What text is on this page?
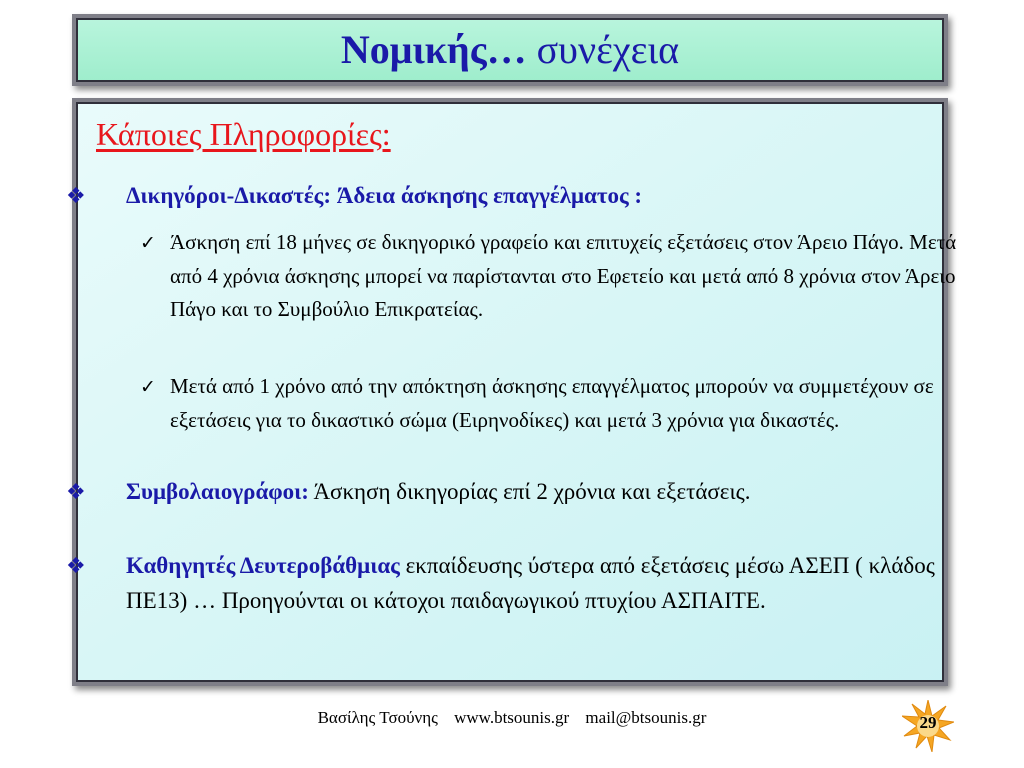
Νομικής… συνέχεια
Κάποιες Πληροφορίες:
❖ Δικηγόροι-Δικαστές: Άδεια άσκησης επαγγέλματος :
✓ Άσκηση επί 18 μήνες σε δικηγορικό γραφείο και επιτυχείς εξετάσεις στον Άρειο Πάγο. Μετά από 4 χρόνια άσκησης μπορεί να παρίστανται στο Εφετείο και μετά από 8 χρόνια στον Άρειο Πάγο και το Συμβούλιο Επικρατείας.
✓ Μετά από 1 χρόνο από την απόκτηση άσκησης επαγγέλματος μπορούν να συμμετέχουν σε εξετάσεις για το δικαστικό σώμα (Ειρηνοδίκες) και μετά 3 χρόνια για δικαστές.
❖ Συμβολαιογράφοι: Άσκηση δικηγορίας επί 2 χρόνια και εξετάσεις.
❖ Καθηγητές Δευτεροβάθμιας εκπαίδευσης ύστερα από εξετάσεις μέσω ΑΣΕΠ ( κλάδος ΠΕ13) … Προηγούνται οι κάτοχοι παιδαγωγικού πτυχίου ΑΣΠΑΙΤΕ.
Βασίλης Τσούνης www.btsounis.gr mail@btsounis.gr	29
